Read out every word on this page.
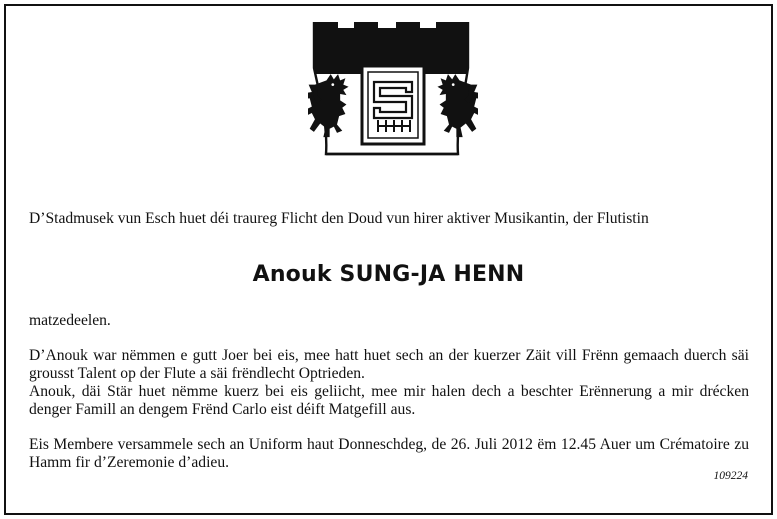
D’Stadmusek vun Esch huet déi traureg Flicht den Doud vun hirer aktiver Musikantin, der Flutistin

Anouk SUNG-JA HENN

matzedeelen.

D’Anouk war nëmmen e gutt Joer bei eis, mee hatt huet sech an der kuerzer Zäit vill Frënn gemaach duerch säi grousst Talent op der Flute a säi frëndlecht Optrieden.

Anouk, däi Stär huet nëmme kuerz bei eis geliicht, mee mir halen dech a beschter Erënnerung a mir drécken denger Famill an dengem Frënd Carlo eist déift Matgefill aus.

Eis Membere versammele sech an Uniform haut Donneschdeg, de 26. Juli 2012 ëm 12.45 Auer um Crématoire zu Hamm fir d’Zeremonie d’adieu.

109224
